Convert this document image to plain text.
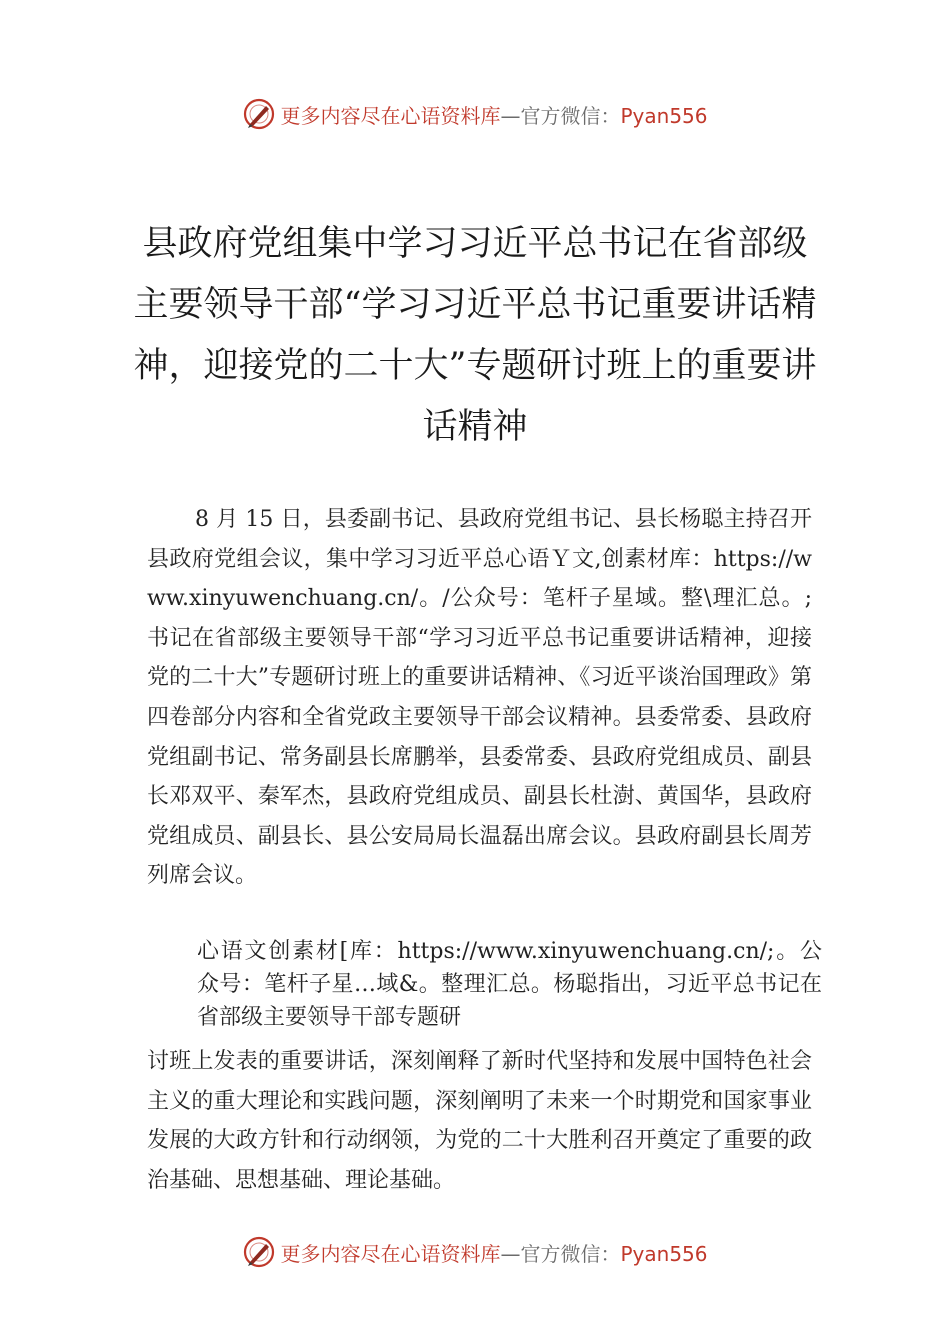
更多内容尽在心语资料库—官方微信：Pyan556
县政府党组集中学习习近平总书记在省部级主要领导干部“学习习近平总书记重要讲话精神，迎接党的二十大”专题研讨班上的重要讲话精神
8 月 15 日，县委副书记、县政府党组书记、县长杨聪主持召开县政府党组会议，集中学习习近平总心语Ｙ文,创素材库：https://www.xinyuwenchuang.cn/。/公众号：笔杆子星域。整\理汇总。;书记在省部级主要领导干部“学习习近平总书记重要讲话精神，迎接党的二十大”专题研讨班上的重要讲话精神、《习近平谈治国理政》第四卷部分内容和全省党政主要领导干部会议精神。县委常委、县政府党组副书记、常务副县长席鹏举，县委常委、县政府党组成员、副县长邓双平、秦军杰，县政府党组成员、副县长杜澍、黄国华，县政府党组成员、副县长、县公安局局长温磊出席会议。县政府副县长周芳列席会议。
心语文创素材[库：https://www.xinyuwenchuang.cn/;。公众号：笔杆子星…域&。整理汇总。杨聪指出，习近平总书记在省部级主要领导干部专题研
讨班上发表的重要讲话，深刻阐释了新时代坚持和发展中国特色社会主义的重大理论和实践问题，深刻阐明了未来一个时期党和国家事业发展的大政方针和行动纲领，为党的二十大胜利召开奠定了重要的政治基础、思想基础、理论基础。
更多内容尽在心语资料库—官方微信：Pyan556
